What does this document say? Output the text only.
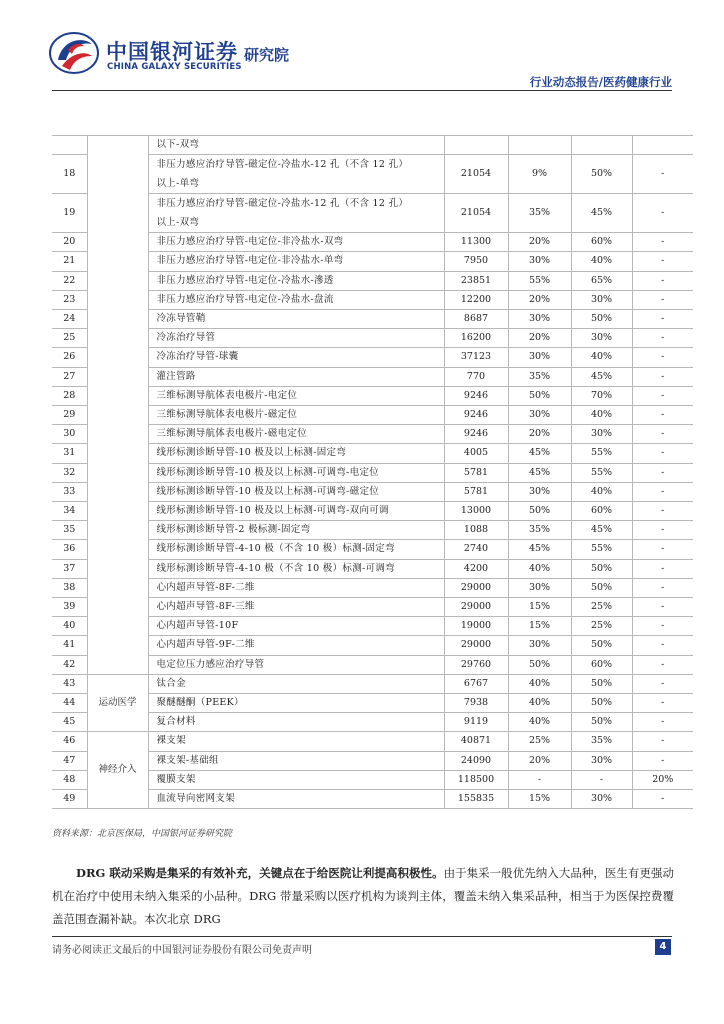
中国银河证券
CHINA GALAXY SECURITIES
研究院
行业动态报告/医药健康行业
		以下-双弯				
18		非压力感应治疗导管-磁定位-冷盐水-12 孔（不含 12 孔）
以上-单弯	21054	9%	50%	-
19		非压力感应治疗导管-磁定位-冷盐水-12 孔（不含 12 孔）
以上-双弯	21054	35%	45%	-
20		非压力感应治疗导管-电定位-非冷盐水-双弯	11300	20%	60%	-
21		非压力感应治疗导管-电定位-非冷盐水-单弯	7950	30%	40%	-
22		非压力感应治疗导管-电定位-冷盐水-滲透	23851	55%	65%	-
23		非压力感应治疗导管-电定位-冷盐水-盘流	12200	20%	30%	-
24		冷冻导管鞘	8687	30%	50%	-
25		冷冻治疗导管	16200	20%	30%	-
26		冷冻治疗导管-球囊	37123	30%	40%	-
27		灌注管路	770	35%	45%	-
28		三维标测导航体表电极片-电定位	9246	50%	70%	-
29		三维标测导航体表电极片-磁定位	9246	30%	40%	-
30		三维标测导航体表电极片-磁电定位	9246	20%	30%	-
31		线形标测诊断导管-10 极及以上标测-固定弯	4005	45%	55%	-
32		线形标测诊断导管-10 极及以上标测-可调弯-电定位	5781	45%	55%	-
33		线形标测诊断导管-10 极及以上标测-可调弯-磁定位	5781	30%	40%	-
34		线形标测诊断导管-10 极及以上标测-可调弯-双向可调	13000	50%	60%	-
35		线形标测诊断导管-2 极标测-固定弯	1088	35%	45%	-
36		线形标测诊断导管-4-10 极（不含 10 极）标测-固定弯	2740	45%	55%	-
37		线形标测诊断导管-4-10 极（不含 10 极）标测-可调弯	4200	40%	50%	-
38		心内超声导管-8F-二维	29000	30%	50%	-
39		心内超声导管-8F-三维	29000	15%	25%	-
40		心内超声导管-10F	19000	15%	25%	-
41		心内超声导管-9F-二维	29000	30%	50%	-
42		电定位压力感应治疗导管	29760	50%	60%	-
43	运动医学	钛合金	6767	40%	50%	-
44		聚醚醚酮（PEEK）	7938	40%	50%	-
45		复合材料	9119	40%	50%	-
46	神经介入	裸支架	40871	25%	35%	-
47		裸支架-基础组	24090	20%	30%	-
48		覆膜支架	118500	-	-	20%
49		血流导向密网支架	155835	15%	30%	-
资料来源：北京医保局，中国银河证券研究院
DRG 联动采购是集采的有效补充，关键点在于给医院让利提高积极性。由于集采一般优先纳入大品种，医生有更强动机在治疗中使用未纳入集采的小品种。DRG 带量采购以医疗机构为谈判主体，覆盖未纳入集采品种，相当于为医保控费覆盖范围查漏补缺。本次北京 DRG
请务必阅读正文最后的中国银河证券股份有限公司免责声明	4
